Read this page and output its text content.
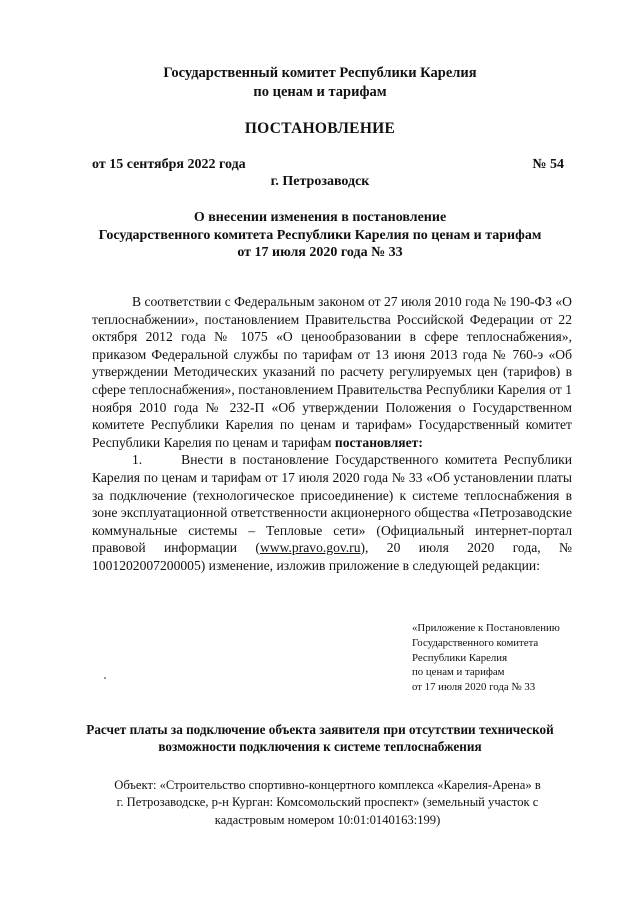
Государственный комитет Республики Карелия
по ценам и тарифам
ПОСТАНОВЛЕНИЕ
от 15 сентября 2022 года	№ 54
г. Петрозаводск
О внесении изменения в постановление
Государственного комитета Республики Карелия по ценам и тарифам
от 17 июля 2020 года № 33

В соответствии с Федеральным законом от 27 июля 2010 года № 190-ФЗ «О теплоснабжении», постановлением Правительства Российской Федерации от 22 октября 2012 года № 1075 «О ценообразовании в сфере теплоснабжения», приказом Федеральной службы по тарифам от 13 июня 2013 года № 760-э «Об утверждении Методических указаний по расчету регулируемых цен (тарифов) в сфере теплоснабжения», постановлением Правительства Республики Карелия от 1 ноября 2010 года № 232-П «Об утверждении Положения о Государственном комитете Республики Карелия по ценам и тарифам» Государственный комитет Республики Карелия по ценам и тарифам постановляет:

1.	Внести в постановление Государственного комитета Республики Карелия по ценам и тарифам от 17 июля 2020 года № 33 «Об установлении платы за подключение (технологическое присоединение) к системе теплоснабжения в зоне эксплуатационной ответственности акционерного общества «Петрозаводские коммунальные системы – Тепловые сети» (Официальный интернет-портал правовой информации (www.pravo.gov.ru), 20 июля 2020 года, № 1001202007200005) изменение, изложив приложение в следующей редакции:

«Приложение к Постановлению
Государственного комитета
Республики Карелия
по ценам и тарифам
от 17 июля 2020 года № 33
Расчет платы за подключение объекта заявителя при отсутствии технической
возможности подключения к системе теплоснабжения
Объект: «Строительство спортивно-концертного комплекса «Карелия-Арена» в
г. Петрозаводске, р-н Курган: Комсомольский проспект» (земельный участок с
кадастровым номером 10:01:0140163:199)
